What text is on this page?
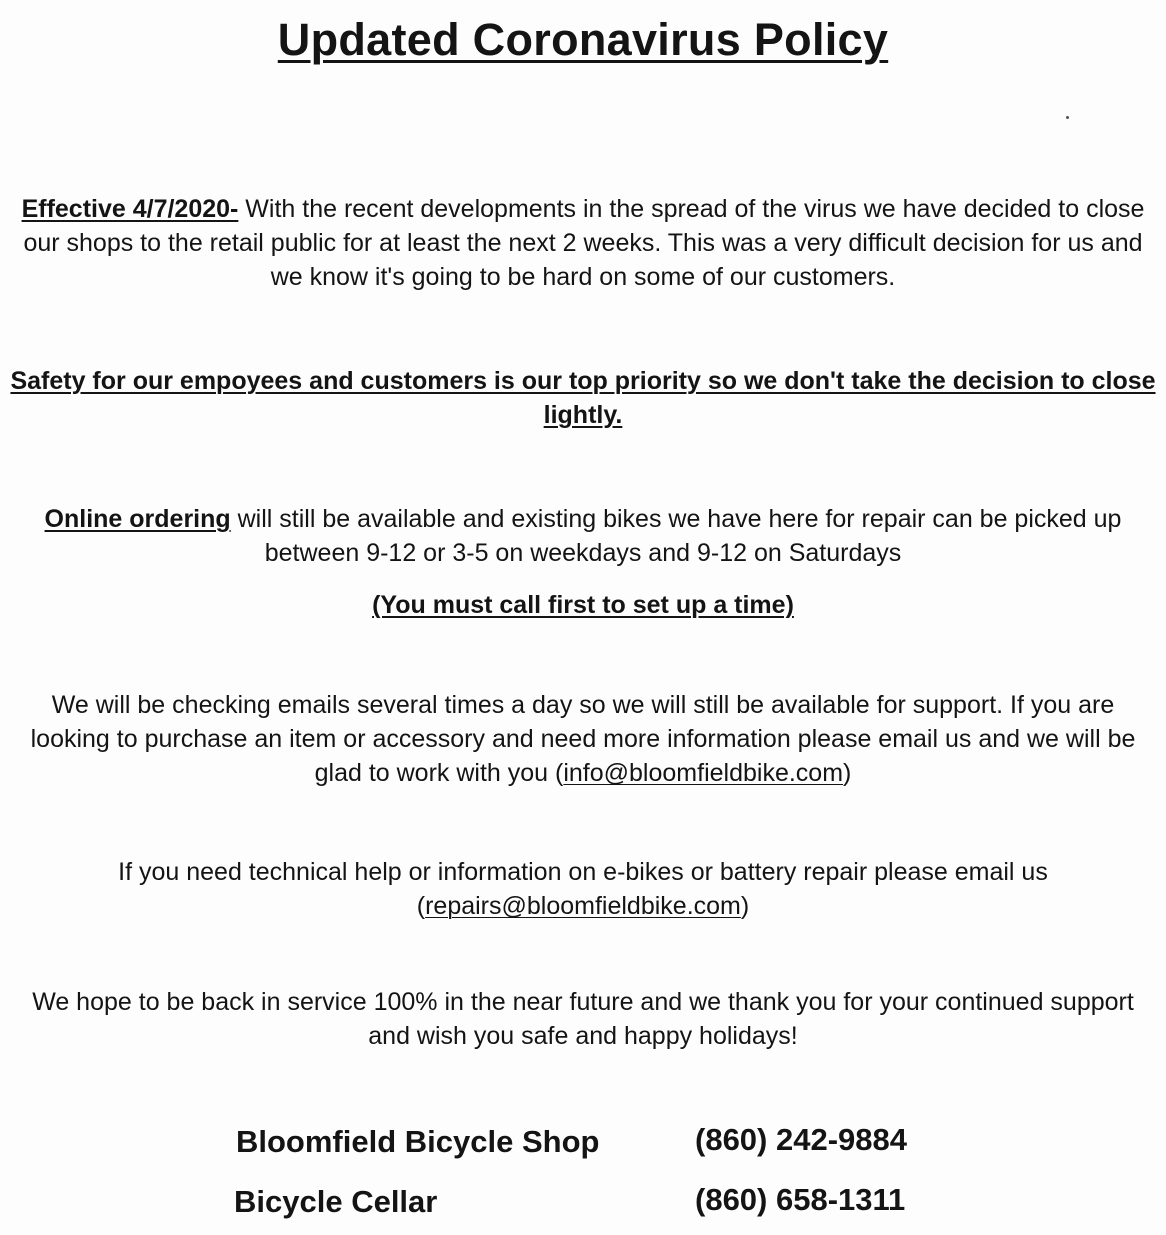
Updated Coronavirus Policy
Effective 4/7/2020- With the recent developments in the spread of the virus we have decided to close our shops to the retail public for at least the next 2 weeks. This was a very difficult decision for us and we know it's going to be hard on some of our customers.
Safety for our empoyees and customers is our top priority so we don't take the decision to close lightly.
Online ordering will still be available and existing bikes we have here for repair can be picked up between 9-12 or 3-5 on weekdays and 9-12 on Saturdays
(You must call first to set up a time)
We will be checking emails several times a day so we will still be available for support. If you are looking to purchase an item or accessory and need more information please email us and we will be glad to work with you (info@bloomfieldbike.com)
If you need technical help or information on e-bikes or battery repair please email us (repairs@bloomfieldbike.com)
We hope to be back in service 100% in the near future and we thank you for your continued support and wish you safe and happy holidays!
Bloomfield Bicycle Shop	(860) 242-9884
Bicycle Cellar	(860) 658-1311
